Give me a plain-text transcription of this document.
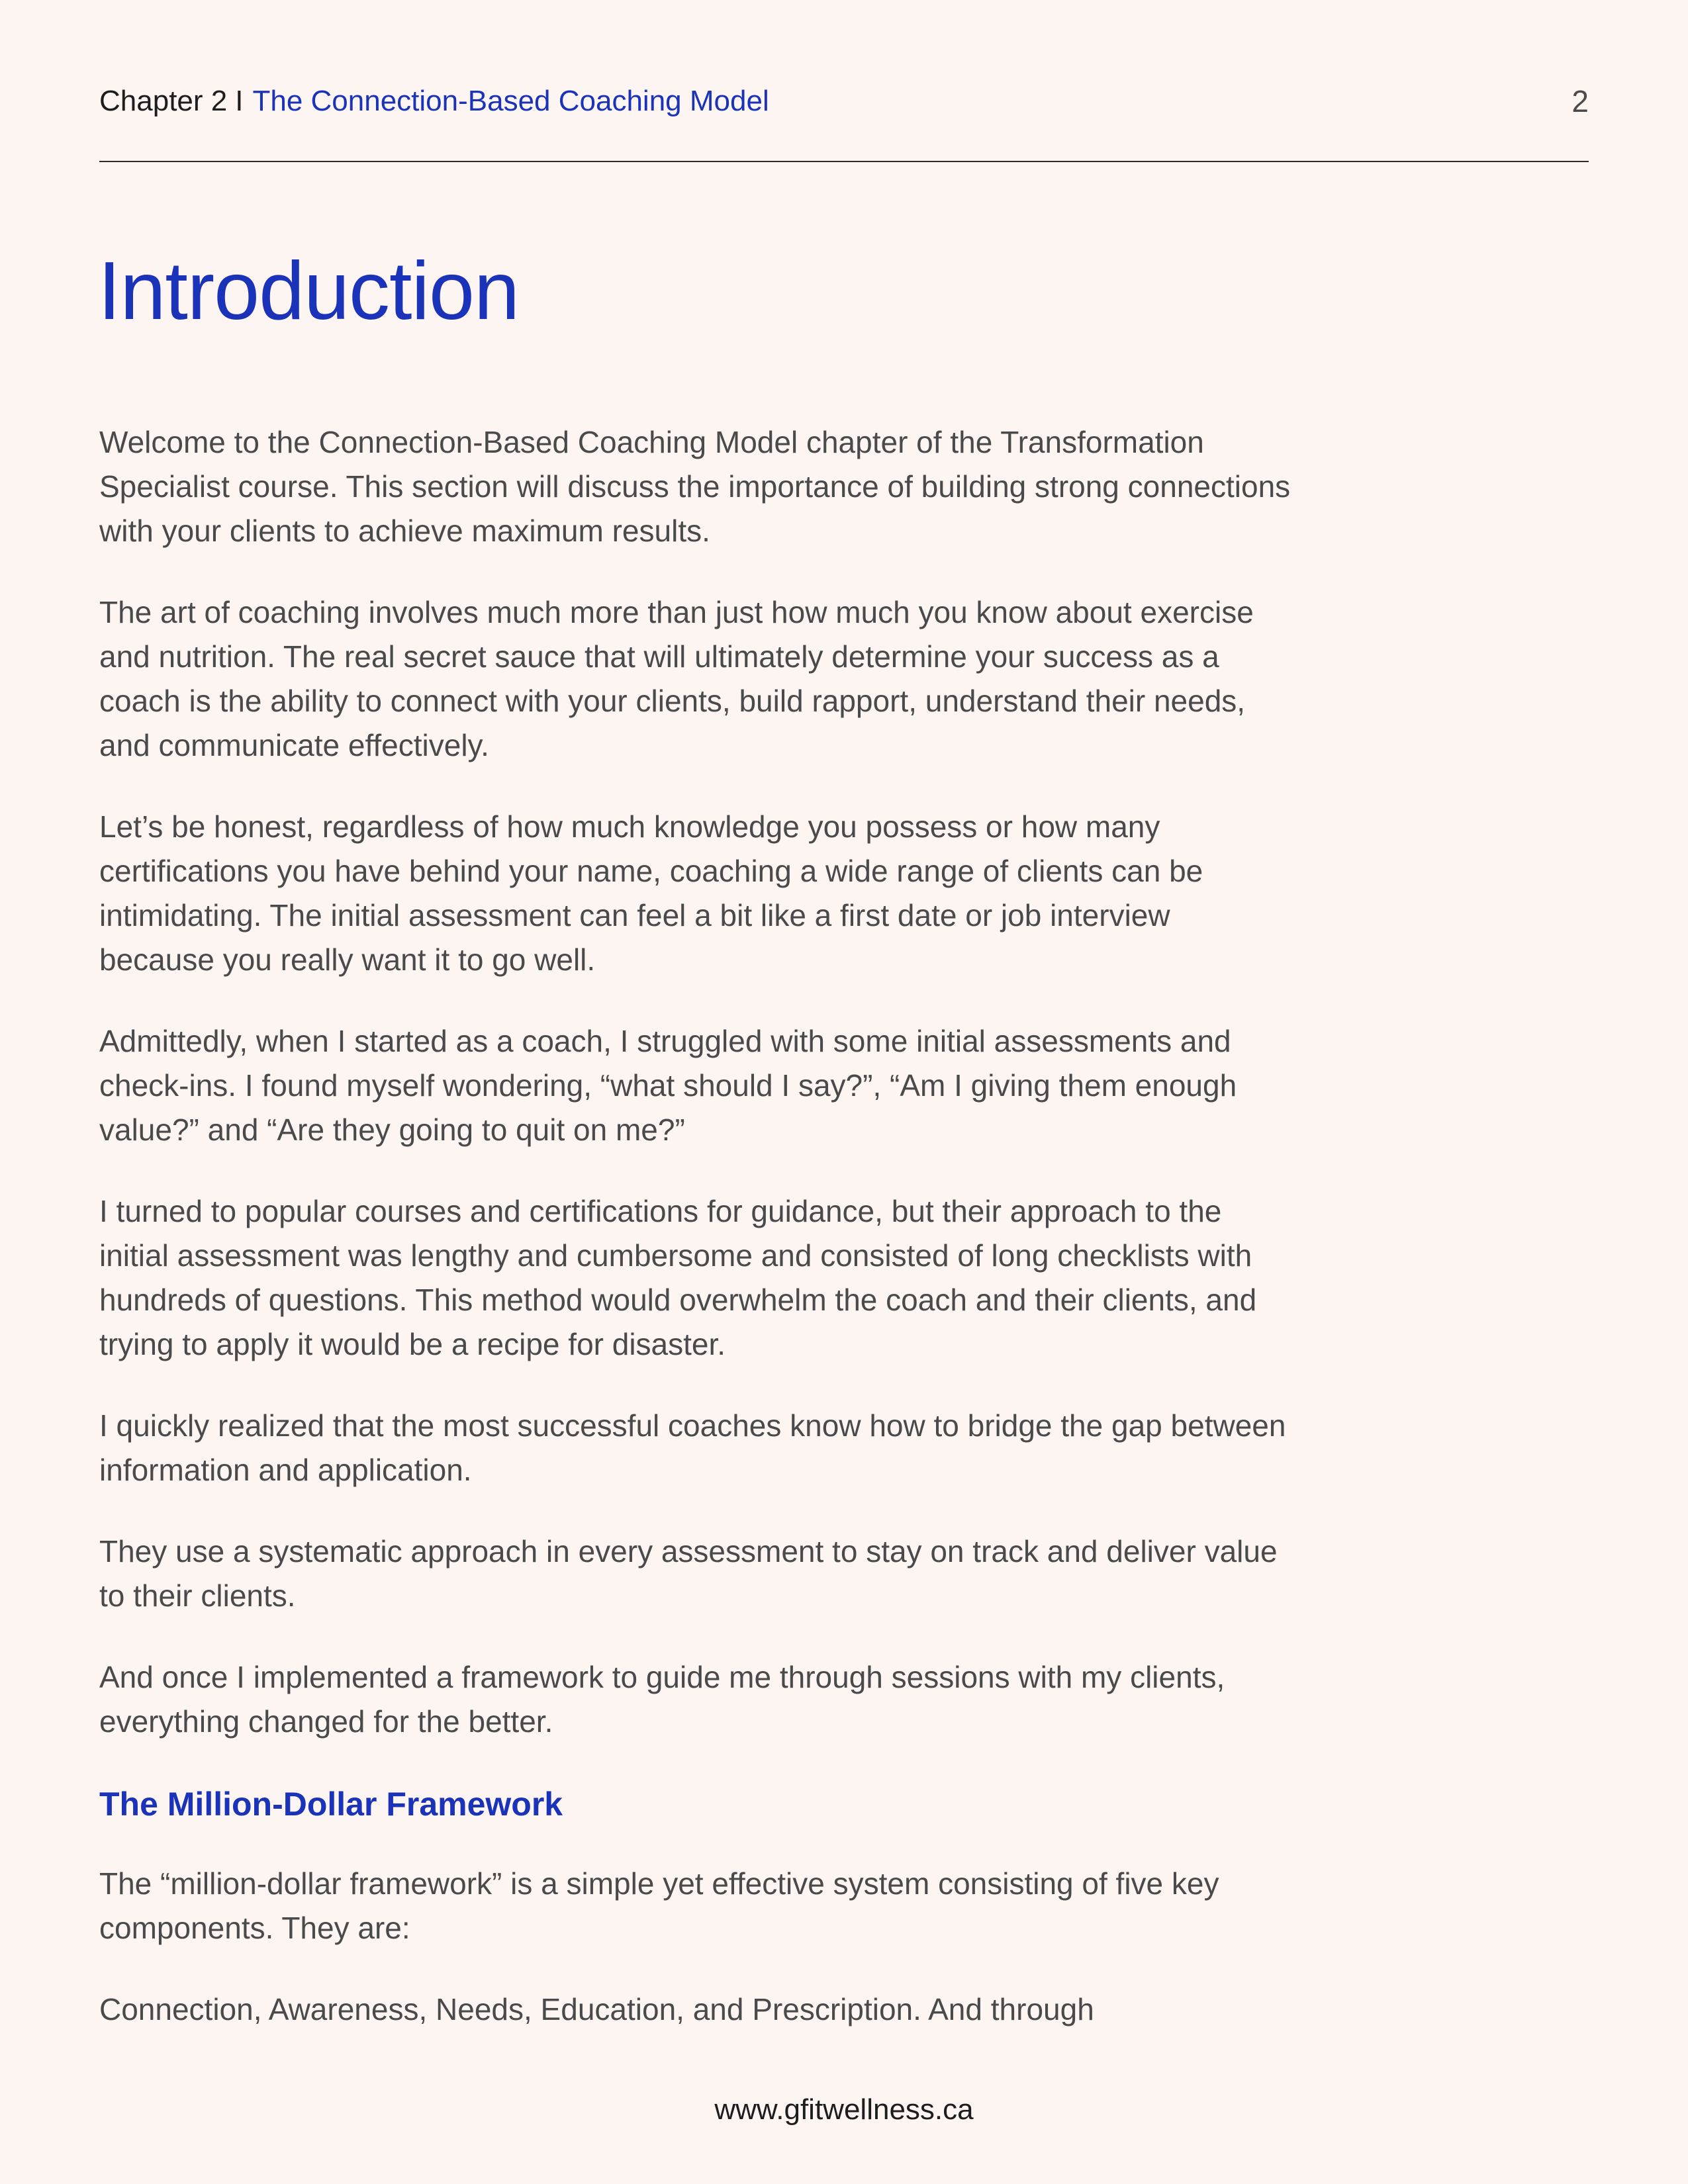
Chapter 2 I The Connection-Based Coaching Model	2
Introduction

Welcome to the Connection-Based Coaching Model chapter of the Transformation Specialist course. This section will discuss the importance of building strong connections with your clients to achieve maximum results.

The art of coaching involves much more than just how much you know about exercise and nutrition. The real secret sauce that will ultimately determine your success as a coach is the ability to connect with your clients, build rapport, understand their needs, and communicate effectively.

Let’s be honest, regardless of how much knowledge you possess or how many certifications you have behind your name, coaching a wide range of clients can be intimidating. The initial assessment can feel a bit like a first date or job interview because you really want it to go well.

Admittedly, when I started as a coach, I struggled with some initial assessments and check-ins. I found myself wondering, “what should I say?”, “Am I giving them enough value?” and “Are they going to quit on me?”

I turned to popular courses and certifications for guidance, but their approach to the initial assessment was lengthy and cumbersome and consisted of long checklists with hundreds of questions. This method would overwhelm the coach and their clients, and trying to apply it would be a recipe for disaster.

I quickly realized that the most successful coaches know how to bridge the gap between information and application.

They use a systematic approach in every assessment to stay on track and deliver value to their clients.

And once I implemented a framework to guide me through sessions with my clients, everything changed for the better.

The Million-Dollar Framework

The “million-dollar framework” is a simple yet effective system consisting of five key components. They are:

Connection, Awareness, Needs, Education, and Prescription. And through

www.gfitwellness.ca
